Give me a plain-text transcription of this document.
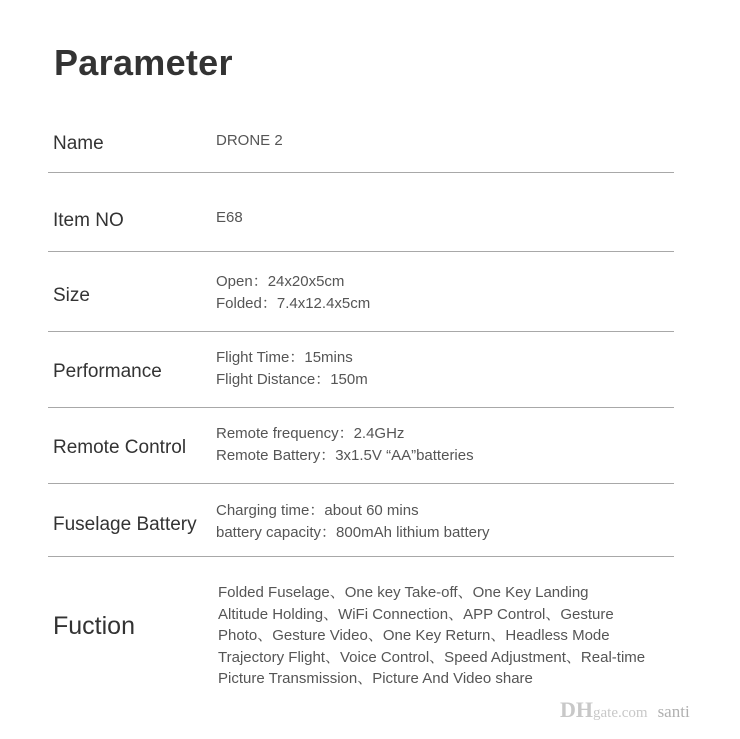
Parameter
Name	DRONE 2
Item NO	E68
Size
Open：24x20x5cm
Folded：7.4x12.4x5cm
Performance
Flight Time：15mins
Flight Distance：150m
Remote Control
Remote frequency：2.4GHz
Remote Battery：3x1.5V “AA”batteries
Fuselage Battery
Charging time：about 60 mins
battery capacity：800mAh lithium battery
Fuction
Folded Fuselage、One key Take-off、One Key Landing
Altitude Holding、WiFi Connection、APP Control、Gesture
Photo、Gesture Video、One Key Return、Headless Mode
Trajectory Flight、Voice Control、Speed Adjustment、Real-time
Picture Transmission、Picture And Video share
DHgate.com santi
